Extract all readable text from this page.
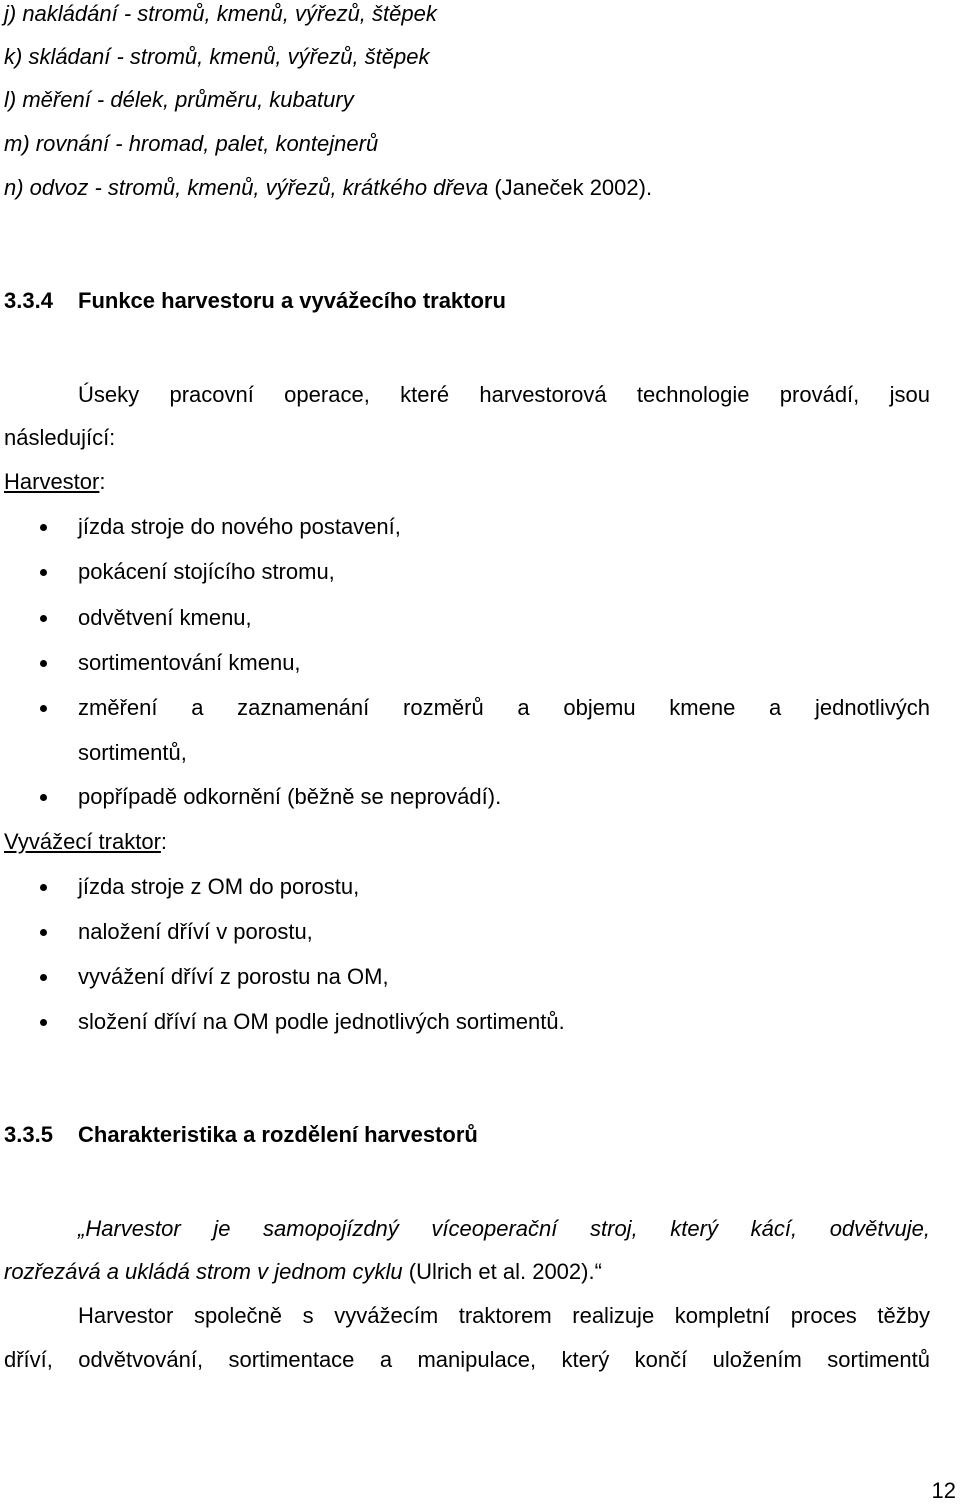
j) nakládání - stromů, kmenů, výřezů, štěpek
k) skládaní - stromů, kmenů, výřezů, štěpek
l) měření - délek, průměru, kubatury
m) rovnání - hromad, palet, kontejnerů
n) odvoz - stromů, kmenů, výřezů, krátkého dřeva (Janeček 2002).
3.3.4 Funkce harvestoru a vyvážecího traktoru
Úseky pracovní operace, které harvestorová technologie provádí, jsou
následující:
Harvestor:
jízda stroje do nového postavení,
pokácení stojícího stromu,
odvětvení kmenu,
sortimentování kmenu,
změření a zaznamenání rozměrů a objemu kmene a jednotlivých
sortimentů,
popřípadě odkornění (běžně se neprovádí).
Vyvážecí traktor:
jízda stroje z OM do porostu,
naložení dříví v porostu,
vyvážení dříví z porostu na OM,
složení dříví na OM podle jednotlivých sortimentů.
3.3.5 Charakteristika a rozdělení harvestorů
„Harvestor je samopojízdný víceoperační stroj, který kácí, odvětvuje,
rozřezává a ukládá strom v jednom cyklu (Ulrich et al. 2002).“
Harvestor společně s vyvážecím traktorem realizuje kompletní proces těžby
dříví, odvětvování, sortimentace a manipulace, který končí uložením sortimentů
12
